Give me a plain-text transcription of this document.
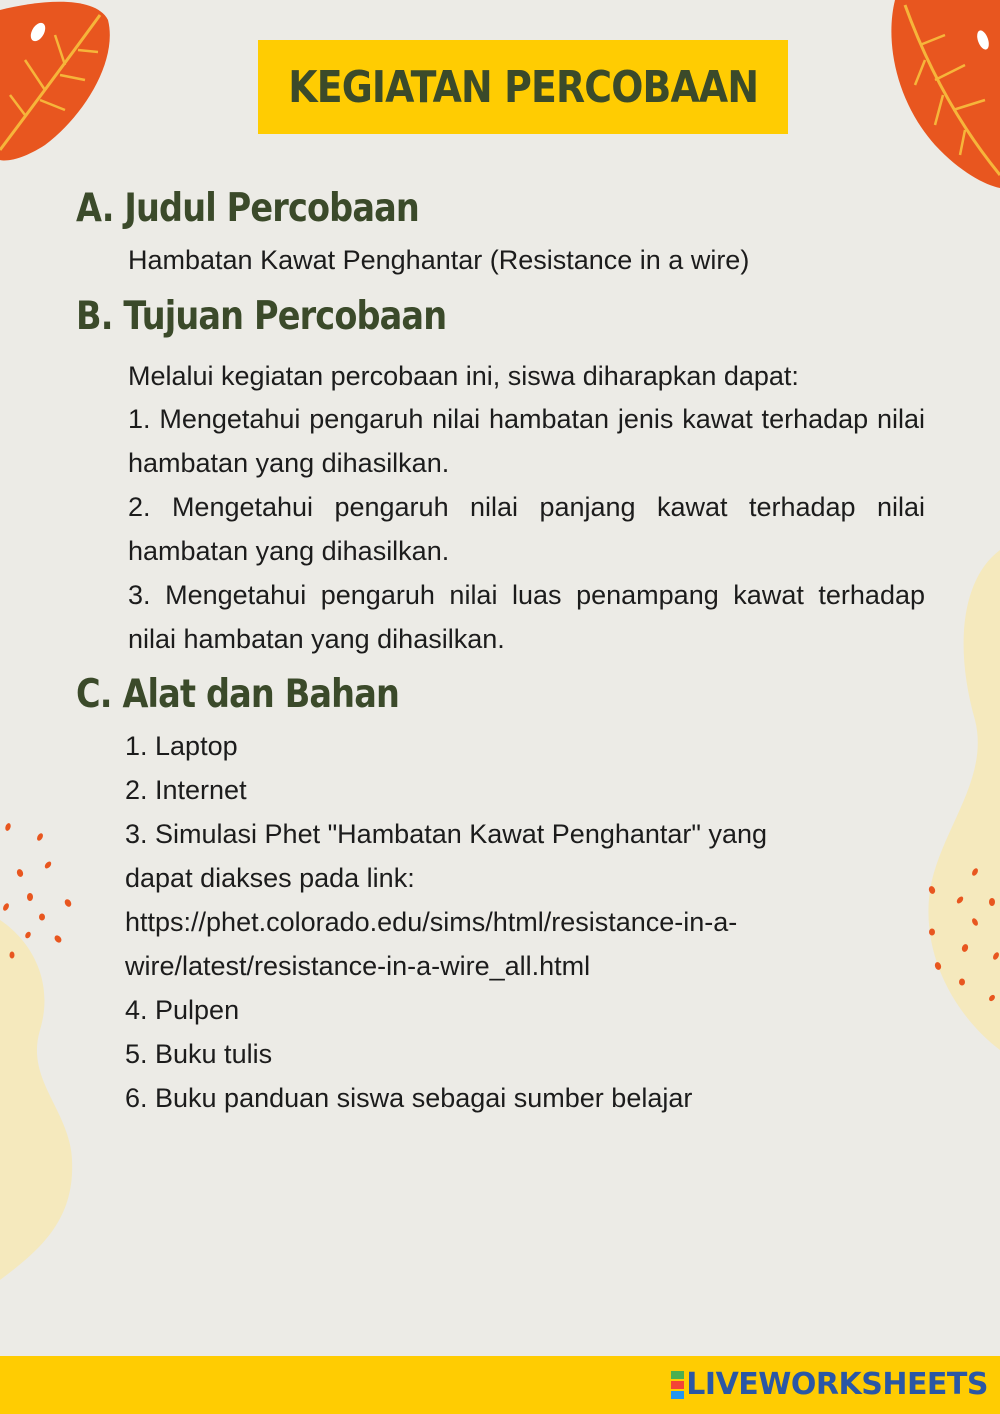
KEGIATAN PERCOBAAN
A. Judul Percobaan

Hambatan Kawat Penghantar (Resistance in a wire)

B. Tujuan Percobaan

Melalui kegiatan percobaan ini, siswa diharapkan dapat:

1. Mengetahui pengaruh nilai hambatan jenis kawat terhadap nilai hambatan yang dihasilkan.

2. Mengetahui pengaruh nilai panjang kawat terhadap nilai hambatan yang dihasilkan.

3. Mengetahui pengaruh nilai luas penampang kawat terhadap nilai hambatan yang dihasilkan.

C. Alat dan Bahan

1. Laptop

2. Internet

3. Simulasi Phet "Hambatan Kawat Penghantar" yang

dapat diakses pada link:

https://phet.colorado.edu/sims/html/resistance-in-a-

wire/latest/resistance-in-a-wire_all.html

4. Pulpen

5. Buku tulis

6. Buku panduan siswa sebagai sumber belajar

LIVEWORKSHEETS
